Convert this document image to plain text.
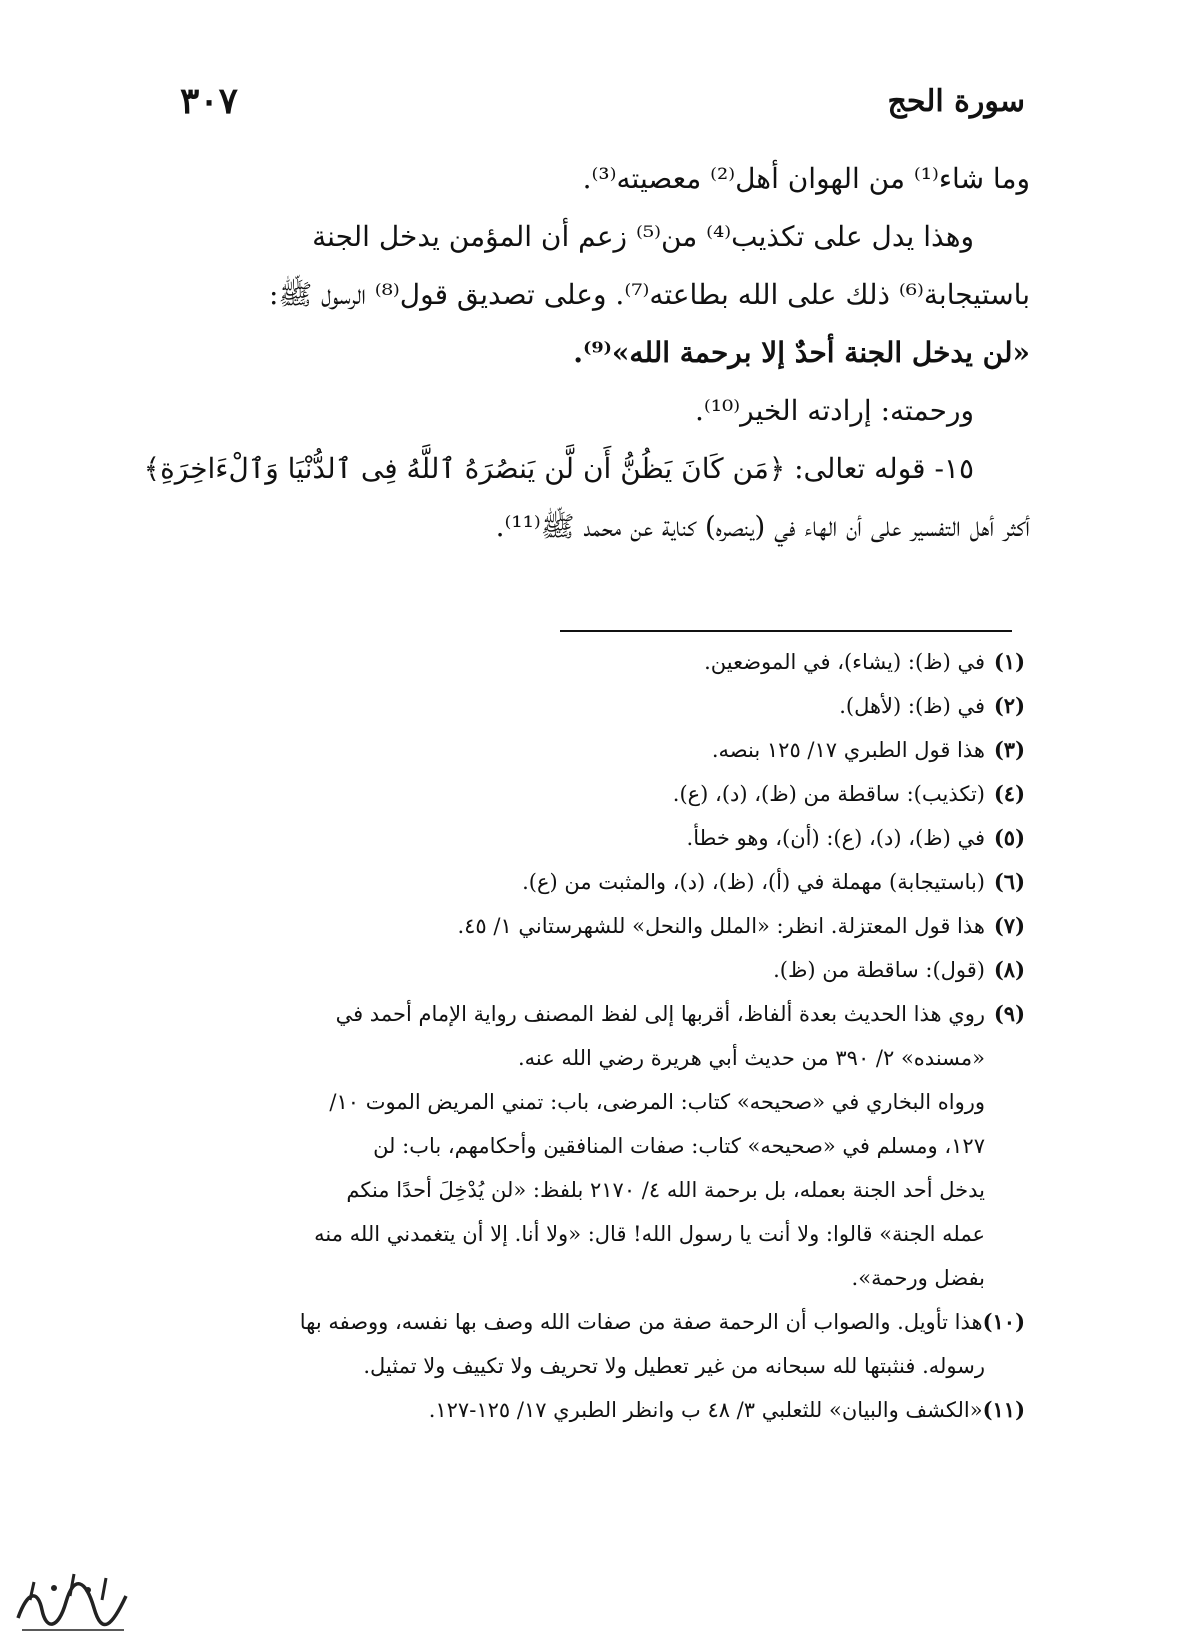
سورة الحج
٣٠٧
وما شاء⁽¹⁾ من الهوان أهل⁽²⁾ معصيته⁽³⁾.
وهذا يدل على تكذيب⁽⁴⁾ من⁽⁵⁾ زعم أن المؤمن يدخل الجنة
باستيجابة⁽⁶⁾ ذلك على الله بطاعته⁽⁷⁾. وعلى تصديق قول⁽⁸⁾ الرسول ﷺ:
«لن يدخل الجنة أحدٌ إلا برحمة الله»⁽⁹⁾.
ورحمته: إرادته الخير⁽¹⁰⁾.
١٥- قوله تعالى: ﴿مَن كَانَ يَظُنُّ أَن لَّن يَنصُرَهُ ٱللَّهُ فِى ٱلدُّنْيَا وَٱلْءَاخِرَةِ﴾
أكثر أهل التفسير على أن الهاء في (ينصره) كناية عن محمد ﷺ⁽¹¹⁾.
(١)في (ظ): (يشاء)، في الموضعين.
(٢)في (ظ): (لأهل).
(٣)هذا قول الطبري ١٧/ ١٢٥ بنصه.
(٤)(تكذيب): ساقطة من (ظ)، (د)، (ع).
(٥)في (ظ)، (د)، (ع): (أن)، وهو خطأ.
(٦)(باستيجابة) مهملة في (أ)، (ظ)، (د)، والمثبت من (ع).
(٧)هذا قول المعتزلة. انظر: «الملل والنحل» للشهرستاني ١/ ٤٥.
(٨)(قول): ساقطة من (ظ).
(٩)روي هذا الحديث بعدة ألفاظ، أقربها إلى لفظ المصنف رواية الإمام أحمد في
«مسنده» ٢/ ٣٩٠ من حديث أبي هريرة رضي الله عنه.
ورواه البخاري في «صحيحه» كتاب: المرضى، باب: تمني المريض الموت ١٠/
١٢٧، ومسلم في «صحيحه» كتاب: صفات المنافقين وأحكامهم، باب: لن
يدخل أحد الجنة بعمله، بل برحمة الله ٤/ ٢١٧٠ بلفظ: «لن يُدْخِلَ أحدًا منكم
عمله الجنة» قالوا: ولا أنت يا رسول الله! قال: «ولا أنا. إلا أن يتغمدني الله منه
بفضل ورحمة».
(١٠)هذا تأويل. والصواب أن الرحمة صفة من صفات الله وصف بها نفسه، ووصفه بها
رسوله. فنثبتها لله سبحانه من غير تعطيل ولا تحريف ولا تكييف ولا تمثيل.
(١١)«الكشف والبيان» للثعلبي ٣/ ٤٨ ب وانظر الطبري ١٧/ ١٢٥-١٢٧.
